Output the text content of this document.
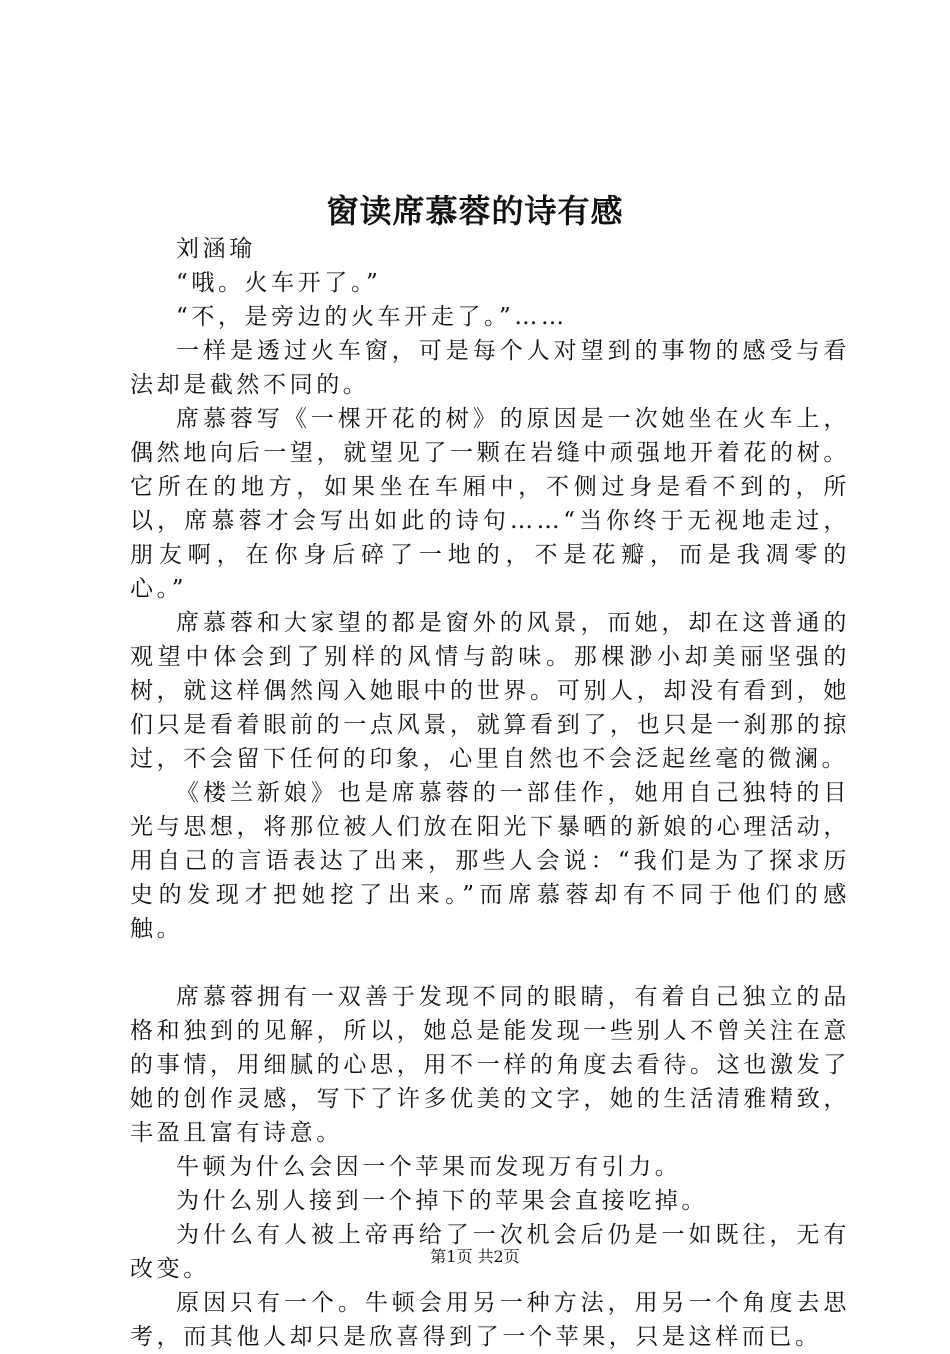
窗读席慕蓉的诗有感

刘涵瑜

“哦。火车开了。”

“不，是旁边的火车开走了。”……

一样是透过火车窗，可是每个人对望到的事物的感受与看法却是截然不同的。

席慕蓉写《一棵开花的树》的原因是一次她坐在火车上，偶然地向后一望，就望见了一颗在岩缝中顽强地开着花的树。它所在的地方，如果坐在车厢中，不侧过身是看不到的，所以，席慕蓉才会写出如此的诗句……“当你终于无视地走过，朋友啊，在你身后碎了一地的，不是花瓣，而是我凋零的心。”

席慕蓉和大家望的都是窗外的风景，而她，却在这普通的观望中体会到了别样的风情与韵味。那棵渺小却美丽坚强的树，就这样偶然闯入她眼中的世界。可别人，却没有看到，她们只是看着眼前的一点风景，就算看到了，也只是一刹那的掠过，不会留下任何的印象，心里自然也不会泛起丝毫的微澜。

《楼兰新娘》也是席慕蓉的一部佳作，她用自己独特的目光与思想，将那位被人们放在阳光下暴晒的新娘的心理活动，用自己的言语表达了出来，那些人会说：“我们是为了探求历史的发现才把她挖了出来。”而席慕蓉却有不同于他们的感触。

席慕蓉拥有一双善于发现不同的眼睛，有着自己独立的品格和独到的见解，所以，她总是能发现一些别人不曾关注在意的事情，用细腻的心思，用不一样的角度去看待。这也激发了她的创作灵感，写下了许多优美的文字，她的生活清雅精致，丰盈且富有诗意。

牛顿为什么会因一个苹果而发现万有引力。

为什么别人接到一个掉下的苹果会直接吃掉。

为什么有人被上帝再给了一次机会后仍是一如既往，无有改变。

原因只有一个。牛顿会用另一种方法，用另一个角度去思考，而其他人却只是欣喜得到了一个苹果，只是这样而已。

第1页 共2页
